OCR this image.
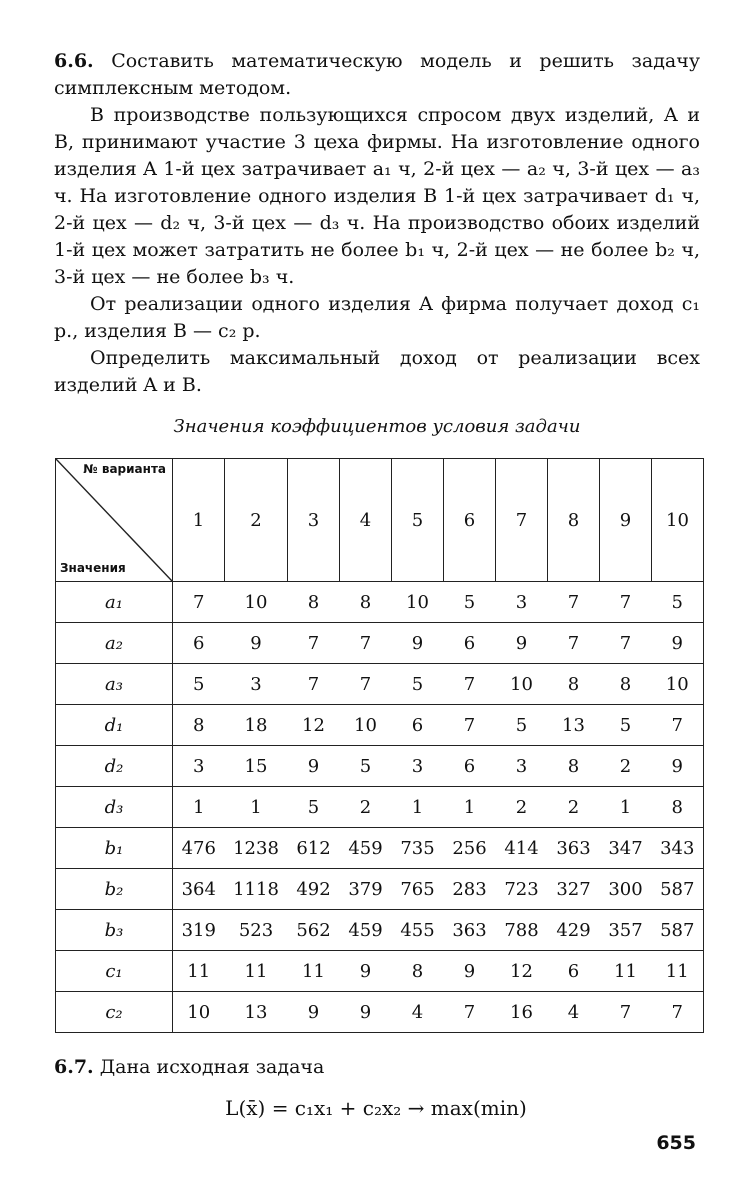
6.6. Составить математическую модель и решить задачу симплексным методом.

В производстве пользующихся спросом двух изделий, A и B, принимают участие 3 цеха фирмы. На изготовление одного изделия A 1-й цех затрачивает a₁ ч, 2-й цех — a₂ ч, 3-й цех — a₃ ч. На изготовление одного изделия B 1-й цех затрачивает d₁ ч, 2-й цех — d₂ ч, 3-й цех — d₃ ч. На производство обоих изделий 1-й цех может затратить не более b₁ ч, 2-й цех — не более b₂ ч, 3-й цех — не более b₃ ч.

От реализации одного изделия A фирма получает доход c₁ р., изделия B — c₂ р.

Определить максимальный доход от реализации всех изделий A и B.

Значения коэффициентов условия задачи

№ варианта
Значения	1	2	3	4	5	6	7	8	9	10
a₁	7	10	8	8	10	5	3	7	7	5
a₂	6	9	7	7	9	6	9	7	7	9
a₃	5	3	7	7	5	7	10	8	8	10
d₁	8	18	12	10	6	7	5	13	5	7
d₂	3	15	9	5	3	6	3	8	2	9
d₃	1	1	5	2	1	1	2	2	1	8
b₁	476	1238	612	459	735	256	414	363	347	343
b₂	364	1118	492	379	765	283	723	327	300	587
b₃	319	523	562	459	455	363	788	429	357	587
c₁	11	11	11	9	8	9	12	6	11	11
c₂	10	13	9	9	4	7	16	4	7	7

6.7. Дана исходная задача

L(x̄) = c₁x₁ + c₂x₂ → max(min)

655
